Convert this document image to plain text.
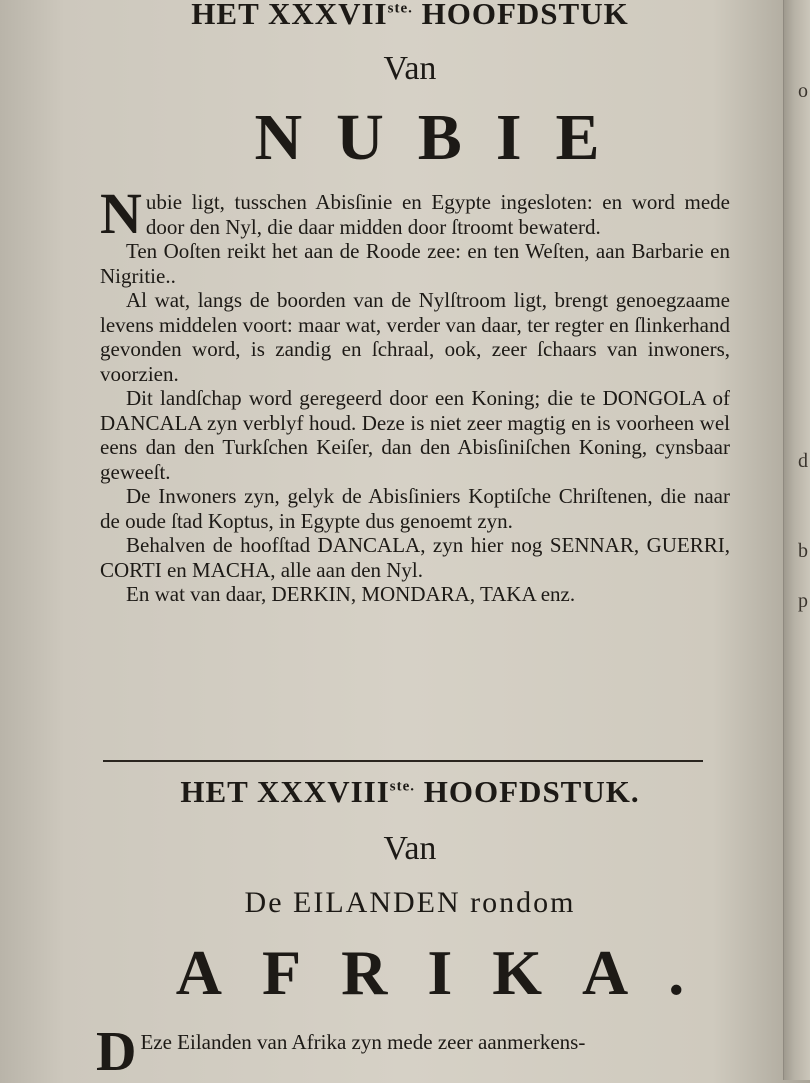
o
d
b
p
HET $XXXVII^{ste.}$ HOOFDSTUK
Van
NUBIE

Nubie ligt, tusschen Abisſinie en Egypte ingesloten: en word mede door den Nyl, die daar midden door ſtroomt bewaterd.

Ten Ooſten reikt het aan de Roode zee: en ten Weſten, aan Barbarie en Nigritie..

Al wat, langs de boorden van de Nylſtroom ligt, brengt genoegzaame levens middelen voort: maar wat, verder van daar, ter regter en ſlinkerhand gevonden word, is zandig en ſchraal, ook, zeer ſchaars van inwoners, voorzien.

Dit landſchap word geregeerd door een Koning; die te DONGOLA of DANCALA zyn verblyf houd. Deze is niet zeer magtig en is voorheen wel eens dan den Turkſchen Keiſer, dan den Abisſiniſchen Koning, cynsbaar geweeſt.

De Inwoners zyn, gelyk de Abisſiniers Koptiſche Chriſtenen, die naar de oude ſtad Koptus, in Egypte dus genoemt zyn.

Behalven de hoofſtad DANCALA, zyn hier nog SENNAR, GUERRI, CORTI en MACHA, alle aan den Nyl.

En wat van daar, DERKIN, MONDARA, TAKA enz.

HET $XXXVIII^{ste.}$ HOOFDSTUK.
Van
De EILANDEN rondom
AFRIKA.
D Eze Eilanden van Afrika zyn mede zeer aanmerkens-
